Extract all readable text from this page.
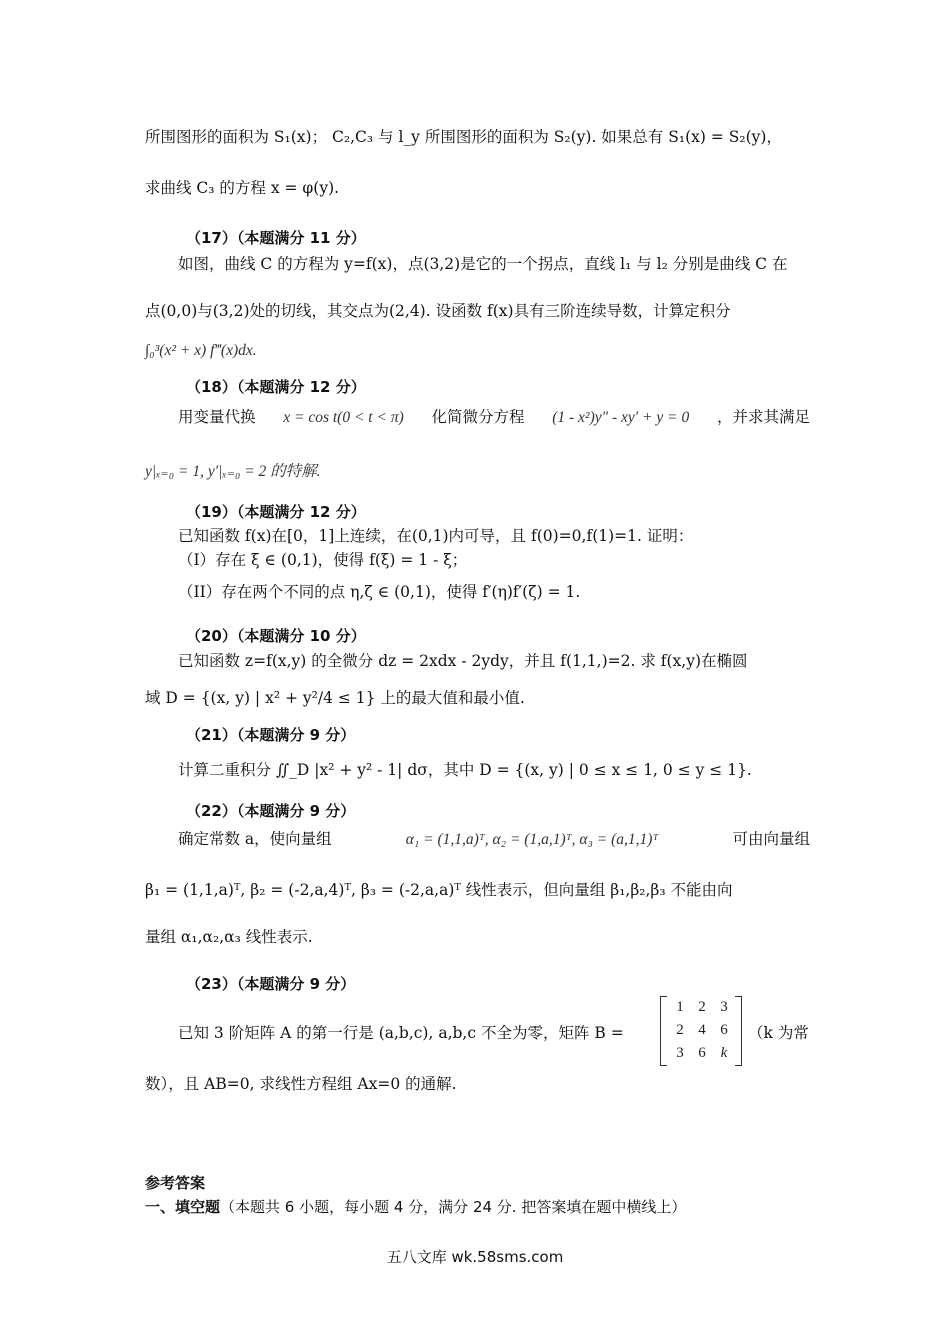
所围图形的面积为 S₁(x)； C₂,C₃ 与 l_y 所围图形的面积为 S₂(y). 如果总有 S₁(x) = S₂(y)，
求曲线 C₃ 的方程 x = φ(y).
（17）（本题满分 11 分）
如图，曲线 C 的方程为 y=f(x)，点(3,2)是它的一个拐点，直线 l₁ 与 l₂ 分别是曲线 C 在
点(0,0)与(3,2)处的切线，其交点为(2,4). 设函数 f(x)具有三阶连续导数，计算定积分
∫₀³(x² + x) f‴(x)dx.
（18）（本题满分 12 分）
用变量代换 x = cos t(0 < t < π) 化简微分方程 (1 - x²)y″ - xy′ + y = 0 ，并求其满足
y|ₓ₌₀ = 1, y′|ₓ₌₀ = 2 的特解.
（19）（本题满分 12 分）
已知函数 f(x)在[0，1]上连续，在(0,1)内可导，且 f(0)=0,f(1)=1. 证明：
（I）存在 ξ ∈ (0,1)，使得 f(ξ) = 1 - ξ；
（II）存在两个不同的点 η,ζ ∈ (0,1)，使得 f′(η)f′(ζ) = 1.
（20）（本题满分 10 分）
已知函数 z=f(x,y) 的全微分 dz = 2xdx - 2ydy，并且 f(1,1,)=2. 求 f(x,y)在椭圆
域 D = {(x, y) | x² + y²/4 ≤ 1} 上的最大值和最小值.
（21）（本题满分 9 分）
计算二重积分 ∬_D |x² + y² - 1| dσ，其中 D = {(x, y) | 0 ≤ x ≤ 1, 0 ≤ y ≤ 1}.
（22）（本题满分 9 分）
确定常数 a，使向量组	α₁ = (1,1,a)ᵀ, α₂ = (1,a,1)ᵀ, α₃ = (a,1,1)ᵀ	可由向量组
β₁ = (1,1,a)ᵀ, β₂ = (-2,a,4)ᵀ, β₃ = (-2,a,a)ᵀ 线性表示，但向量组 β₁,β₂,β₃ 不能由向
量组 α₁,α₂,α₃ 线性表示.
（23）（本题满分 9 分）
已知 3 阶矩阵 A 的第一行是 (a,b,c), a,b,c 不全为零，矩阵 B =
1 2 3
2 4 6
3 6 k
（k 为常
数），且 AB=0, 求线性方程组 Ax=0 的通解.
参考答案
一、填空题（本题共 6 小题，每小题 4 分，满分 24 分. 把答案填在题中横线上）
五八文库 wk.58sms.com
